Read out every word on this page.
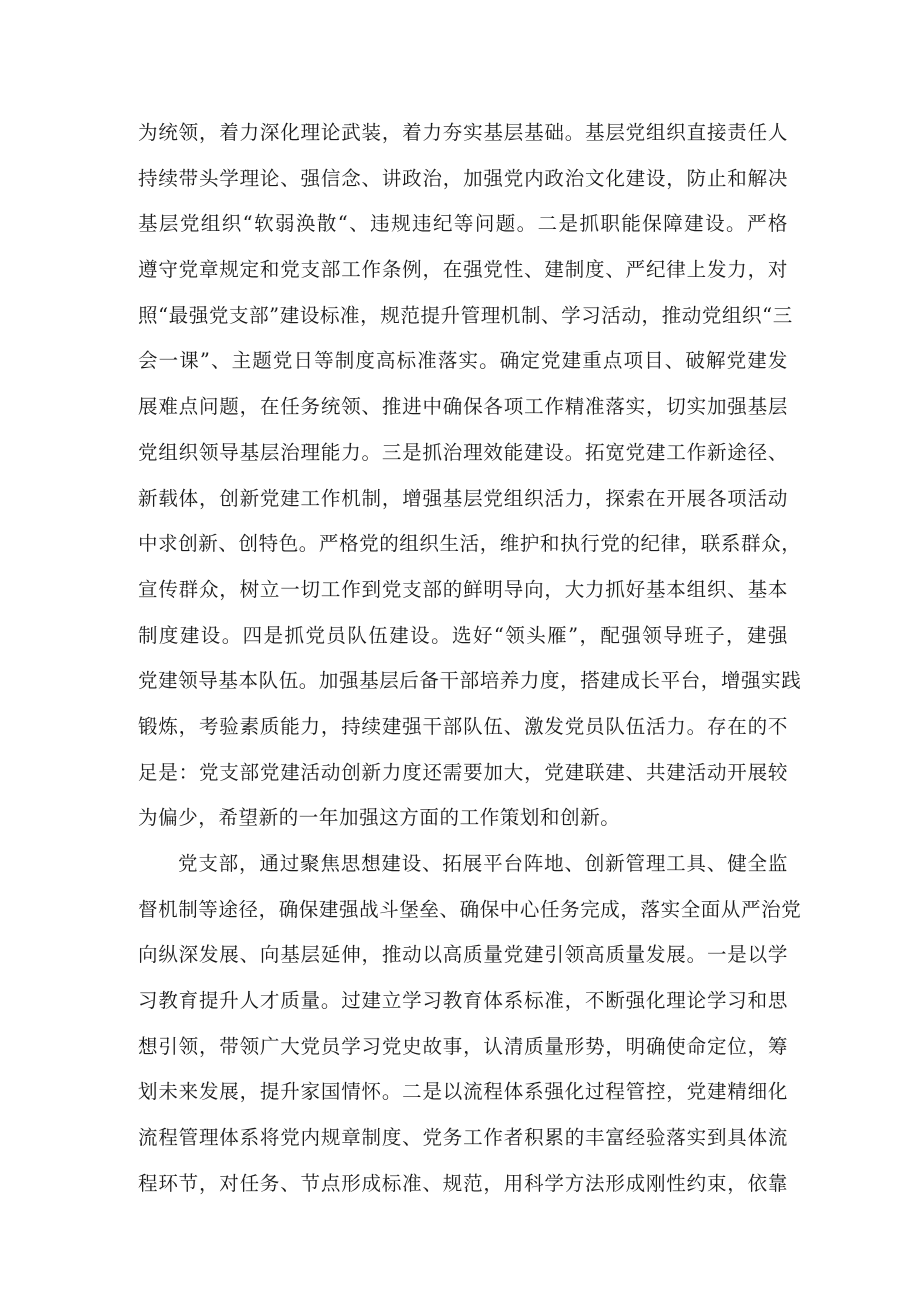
为统领，着力深化理论武装，着力夯实基层基础。基层党组织直接责任人
持续带头学理论、强信念、讲政治，加强党内政治文化建设，防止和解决
基层党组织“软弱涣散“、违规违纪等问题。二是抓职能保障建设。严格
遵守党章规定和党支部工作条例，在强党性、建制度、严纪律上发力，对
照“最强党支部”建设标准，规范提升管理机制、学习活动，推动党组织“三
会一课”、主题党日等制度高标准落实。确定党建重点项目、破解党建发
展难点问题，在任务统领、推进中确保各项工作精准落实，切实加强基层
党组织领导基层治理能力。三是抓治理效能建设。拓宽党建工作新途径、
新载体，创新党建工作机制，增强基层党组织活力，探索在开展各项活动
中求创新、创特色。严格党的组织生活，维护和执行党的纪律，联系群众，
宣传群众，树立一切工作到党支部的鲜明导向，大力抓好基本组织、基本
制度建设。四是抓党员队伍建设。选好“领头雁”，配强领导班子，建强
党建领导基本队伍。加强基层后备干部培养力度，搭建成长平台，增强实践
锻炼，考验素质能力，持续建强干部队伍、激发党员队伍活力。存在的不
足是：党支部党建活动创新力度还需要加大，党建联建、共建活动开展较
为偏少，希望新的一年加强这方面的工作策划和创新。
党支部，通过聚焦思想建设、拓展平台阵地、创新管理工具、健全监
督机制等途径，确保建强战斗堡垒、确保中心任务完成，落实全面从严治党
向纵深发展、向基层延伸，推动以高质量党建引领高质量发展。一是以学
习教育提升人才质量。过建立学习教育体系标准，不断强化理论学习和思
想引领，带领广大党员学习党史故事，认清质量形势，明确使命定位，筹
划未来发展，提升家国情怀。二是以流程体系强化过程管控，党建精细化
流程管理体系将党内规章制度、党务工作者积累的丰富经验落实到具体流
程环节，对任务、节点形成标准、规范，用科学方法形成刚性约束，依靠
